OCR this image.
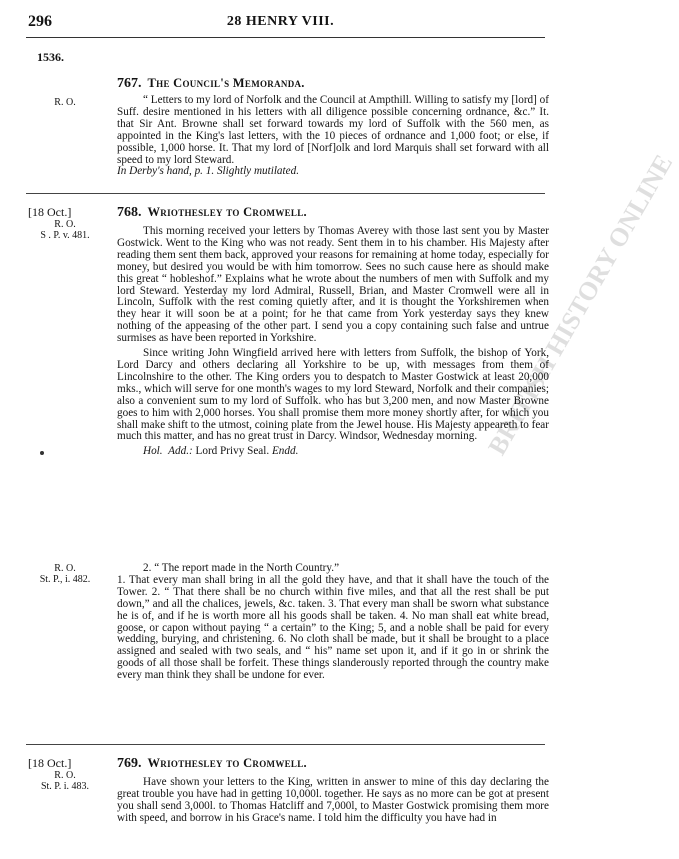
296	28 HENRY VIII.
1536.
767. The Council's Memoranda.
R. O.	“ Letters to my lord of Norfolk and the Council at Ampthill. Willing to satisfy my [lord] of Suff. desire mentioned in his letters with all diligence possible concerning ordnance, &c.” It. that Sir Ant. Browne shall set forward towards my lord of Suffolk with the 560 men, as appointed in the King's last letters, with the 10 pieces of ordnance and 1,000 foot; or else, if possible, 1,000 horse. It. That my lord of [Norf]olk and lord Marquis shall set forward with all speed to my lord Steward.

In Derby's hand, p. 1. Slightly mutilated.

[18 Oct.]
R. O.
S . P. v. 481.
768. Wriothesley to Cromwell.

This morning received your letters by Thomas Averey with those last sent you by Master Gostwick. Went to the King who was not ready. Sent them in to his chamber. His Majesty after reading them sent them back, approved your reasons for remaining at home today, especially for money, but desired you would be with him tomorrow. Sees no such cause here as should make this great “ hobleshof.” Explains what he wrote about the numbers of men with Suffolk and my lord Steward. Yesterday my lord Admiral, Russell, Brian, and Master Cromwell were all in Lincoln, Suffolk with the rest coming quietly after, and it is thought the Yorkshiremen when they hear it will soon be at a point; for he that came from York yesterday says they knew nothing of the appeasing of the other part. I send you a copy containing such false and untrue surmises as have been reported in Yorkshire.

Since writing John Wingfield arrived here with letters from Suffolk, the bishop of York, Lord Darcy and others declaring all Yorkshire to be up, with messages from them of Lincolnshire to the other. The King orders you to despatch to Master Gostwick at least 20,000 mks., which will serve for one month's wages to my lord Steward, Norfolk and their companies; also a convenient sum to my lord of Suffolk. who has but 3,200 men, and now Master Browne goes to him with 2,000 horses. You shall promise them more money shortly after, for which you shall make shift to the utmost, coining plate from the Jewel house. His Majesty appeareth to fear much this matter, and has no great trust in Darcy. Windsor, Wednesday morning.

Hol. Add.: Lord Privy Seal. Endd.

R. O.
St. P., i. 482.

2. “ The report made in the North Country.”

1. That every man shall bring in all the gold they have, and that it shall have the touch of the Tower. 2. “ That there shall be no church within five miles, and that all the rest shall be put down,” and all the chalices, jewels, &c. taken. 3. That every man shall be sworn what substance he is of, and if he is worth more all his goods shall be taken. 4. No man shall eat white bread, goose, or capon without paying “ a certain” to the King; 5, and a noble shall be paid for every wedding, burying, and christening. 6. No cloth shall be made, but it shall be brought to a place assigned and sealed with two seals, and “ his” name set upon it, and if it go in or shrink the goods of all those shall be forfeit. These things slanderously reported through the country make every man think they shall be undone for ever.

[18 Oct.]
R. O.
St. P. i. 483.
769. Wriothesley to Cromwell.

Have shown your letters to the King, written in answer to mine of this day declaring the great trouble you have had in getting 10,000l. together. He says as no more can be got at present you shall send 3,000l. to Thomas Hatcliff and 7,000l, to Master Gostwick promising them more with speed, and borrow in his Grace's name. I told him the difficulty you have had in

BRITISH HISTORY ONLINE
